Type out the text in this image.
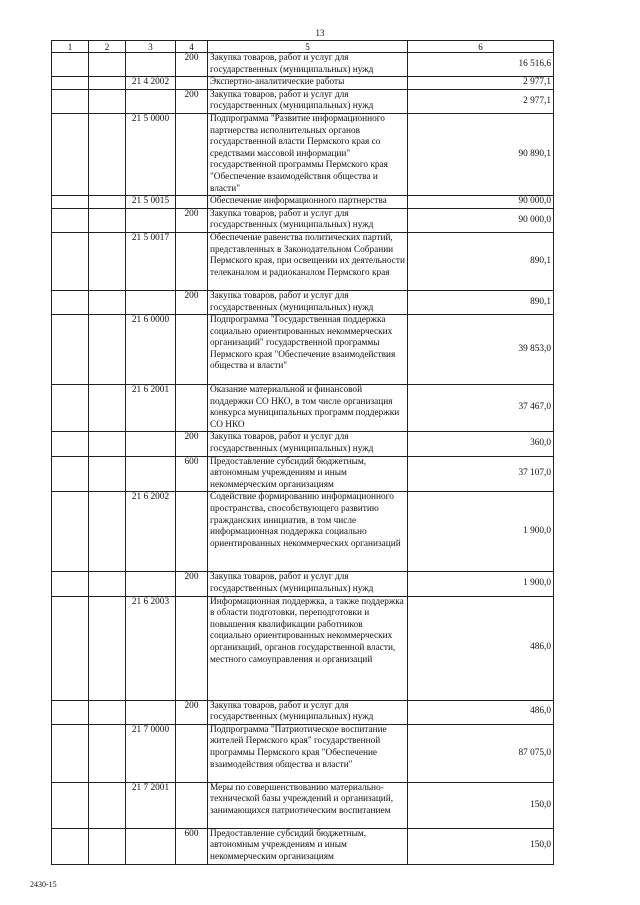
13
1	2	3	4	5	6
			200	Закупка товаров, работ и услуг для государственных (муниципальных) нужд	16 516,6
		21 4 2002		Экспертно-аналитические работы	2 977,1
			200	Закупка товаров, работ и услуг для государственных (муниципальных) нужд	2 977,1
		21 5 0000		Подпрограмма "Развитие информационного партнерства исполнительных органов государственной власти Пермского края со средствами массовой информации" государственной программы Пермского края "Обеспечение взаимодействия общества и власти"	90 890,1
		21 5 0015		Обеспечение информационного партнерства	90 000,0
			200	Закупка товаров, работ и услуг для государственных (муниципальных) нужд	90 000,0
		21 5 0017		Обеспечение равенства политических партий, представленных в Законодательном Собрании Пермского края, при освещении их деятельности телеканалом и радиоканалом Пермского края	890,1
			200	Закупка товаров, работ и услуг для государственных (муниципальных) нужд	890,1
		21 6 0000		Подпрограмма "Государственная поддержка социально ориентированных некоммерческих организаций" государственной программы Пермского края "Обеспечение взаимодействия общества и власти"	39 853,0
		21 6 2001		Оказание материальной и финансовой поддержки СО НКО, в том числе организация конкурса муниципальных программ поддержки СО НКО	37 467,0
			200	Закупка товаров, работ и услуг для государственных (муниципальных) нужд	360,0
			600	Предоставление субсидий бюджетным, автономным учреждениям и иным некоммерческим организациям	37 107,0
		21 6 2002		Содействие формированию информационного пространства, способствующего развитию гражданских инициатив, в том числе информационная поддержка социально ориентированных некоммерческих организаций	1 900,0
			200	Закупка товаров, работ и услуг для государственных (муниципальных) нужд	1 900,0
		21 6 2003		Информационная поддержка, а также поддержка в области подготовки, переподготовки и повышения квалификации работников социально ориентированных некоммерческих организаций, органов государственной власти, местного самоуправления и организаций	486,0
			200	Закупка товаров, работ и услуг для государственных (муниципальных) нужд	486,0
		21 7 0000		Подпрограмма "Патриотическое воспитание жителей Пермского края" государственной программы Пермского края "Обеспечение взаимодействия общества и власти"	87 075,0
		21 7 2001		Меры по совершенствованию материально-технической базы учреждений и организаций, занимающихся патриотическим воспитанием	150,0
			600	Предоставление субсидий бюджетным, автономным учреждениям и иным некоммерческим организациям	150,0
2430-15
